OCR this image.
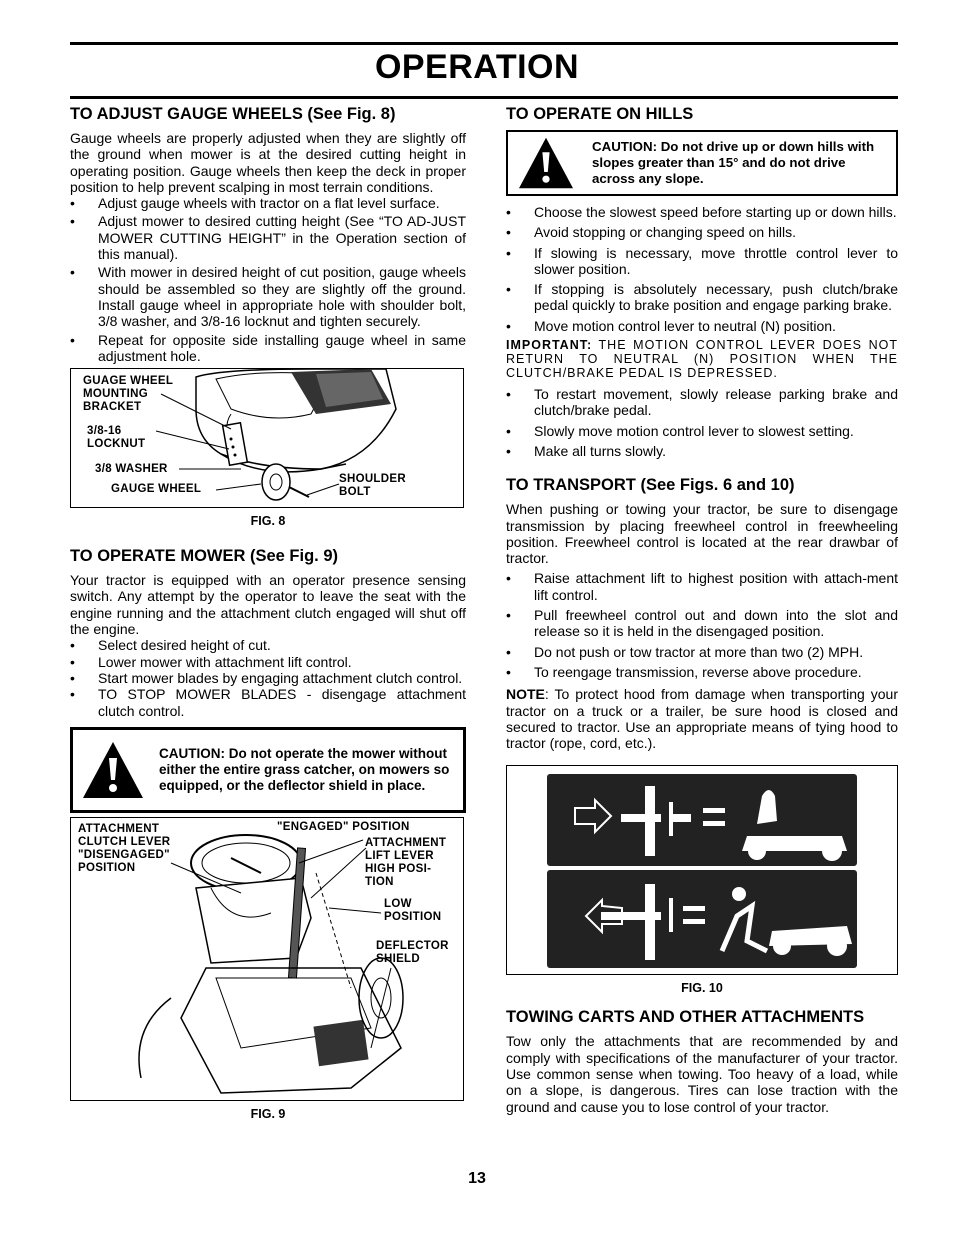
OPERATION
TO ADJUST GAUGE WHEELS (See Fig. 8)

Gauge wheels are properly adjusted when they are slightly off the ground when mower is at the desired cutting height in operating position. Gauge wheels then keep the deck in proper position to help prevent scalping in most terrain conditions.

• Adjust gauge wheels with tractor on a flat level surface.
• Adjust mower to desired cutting height (See “TO AD-JUST MOWER CUTTING HEIGHT” in the Operation section of this manual).
• With mower in desired height of cut position, gauge wheels should be assembled so they are slightly off the ground. Install gauge wheel in appropriate hole with shoulder bolt, 3/8 washer, and 3/8-16 locknut and tighten securely.
• Repeat for opposite side installing gauge wheel in same adjustment hole.
GUAGE WHEEL
MOUNTING
BRACKET
3/8-16
LOCKNUT
3/8 WASHER
GAUGE WHEEL
SHOULDER
BOLT
FIG. 8
TO OPERATE MOWER (See Fig. 9)

Your tractor is equipped with an operator presence sensing switch. Any attempt by the operator to leave the seat with the engine running and the attachment clutch engaged will shut off the engine.

• Select desired height of cut.
• Lower mower with attachment lift control.
• Start mower blades by engaging attachment clutch control.
• TO STOP MOWER BLADES - disengage attachment clutch control.
CAUTION: Do not operate the mower without either the entire grass catcher, on mowers so equipped, or the deflector shield in place.
ATTACHMENT
CLUTCH LEVER
"DISENGAGED"
POSITION
"ENGAGED" POSITION
ATTACHMENT
LIFT LEVER
HIGH POSI-
TION
LOW
POSITION
DEFLECTOR
SHIELD
FIG. 9
TO OPERATE ON HILLS
CAUTION: Do not drive up or down hills with slopes greater than 15° and do not drive across any slope.
• Choose the slowest speed before starting up or down hills.
• Avoid stopping or changing speed on hills.
• If slowing is necessary, move throttle control lever to slower position.
• If stopping is absolutely necessary, push clutch/brake pedal quickly to brake position and engage parking brake.
• Move motion control lever to neutral (N) position.

IMPORTANT: THE MOTION CONTROL LEVER DOES NOT RETURN TO NEUTRAL (N) POSITION WHEN THE CLUTCH/BRAKE PEDAL IS DEPRESSED.

• To restart movement, slowly release parking brake and clutch/brake pedal.
• Slowly move motion control lever to slowest setting.
• Make all turns slowly.
TO TRANSPORT (See Figs. 6 and 10)

When pushing or towing your tractor, be sure to disengage transmission by placing freewheel control in freewheeling position. Freewheel control is located at the rear drawbar of tractor.

• Raise attachment lift to highest position with attach-ment lift control.
• Pull freewheel control out and down into the slot and release so it is held in the disengaged position.
• Do not push or tow tractor at more than two (2) MPH.
• To reengage transmission, reverse above procedure.

NOTE: To protect hood from damage when transporting your tractor on a truck or a trailer, be sure hood is closed and secured to tractor. Use an appropriate means of tying hood to tractor (rope, cord, etc.).

FIG. 10
TOWING CARTS AND OTHER ATTACHMENTS

Tow only the attachments that are recommended by and comply with specifications of the manufacturer of your tractor. Use common sense when towing. Too heavy of a load, while on a slope, is dangerous. Tires can lose traction with the ground and cause you to lose control of your tractor.

13
